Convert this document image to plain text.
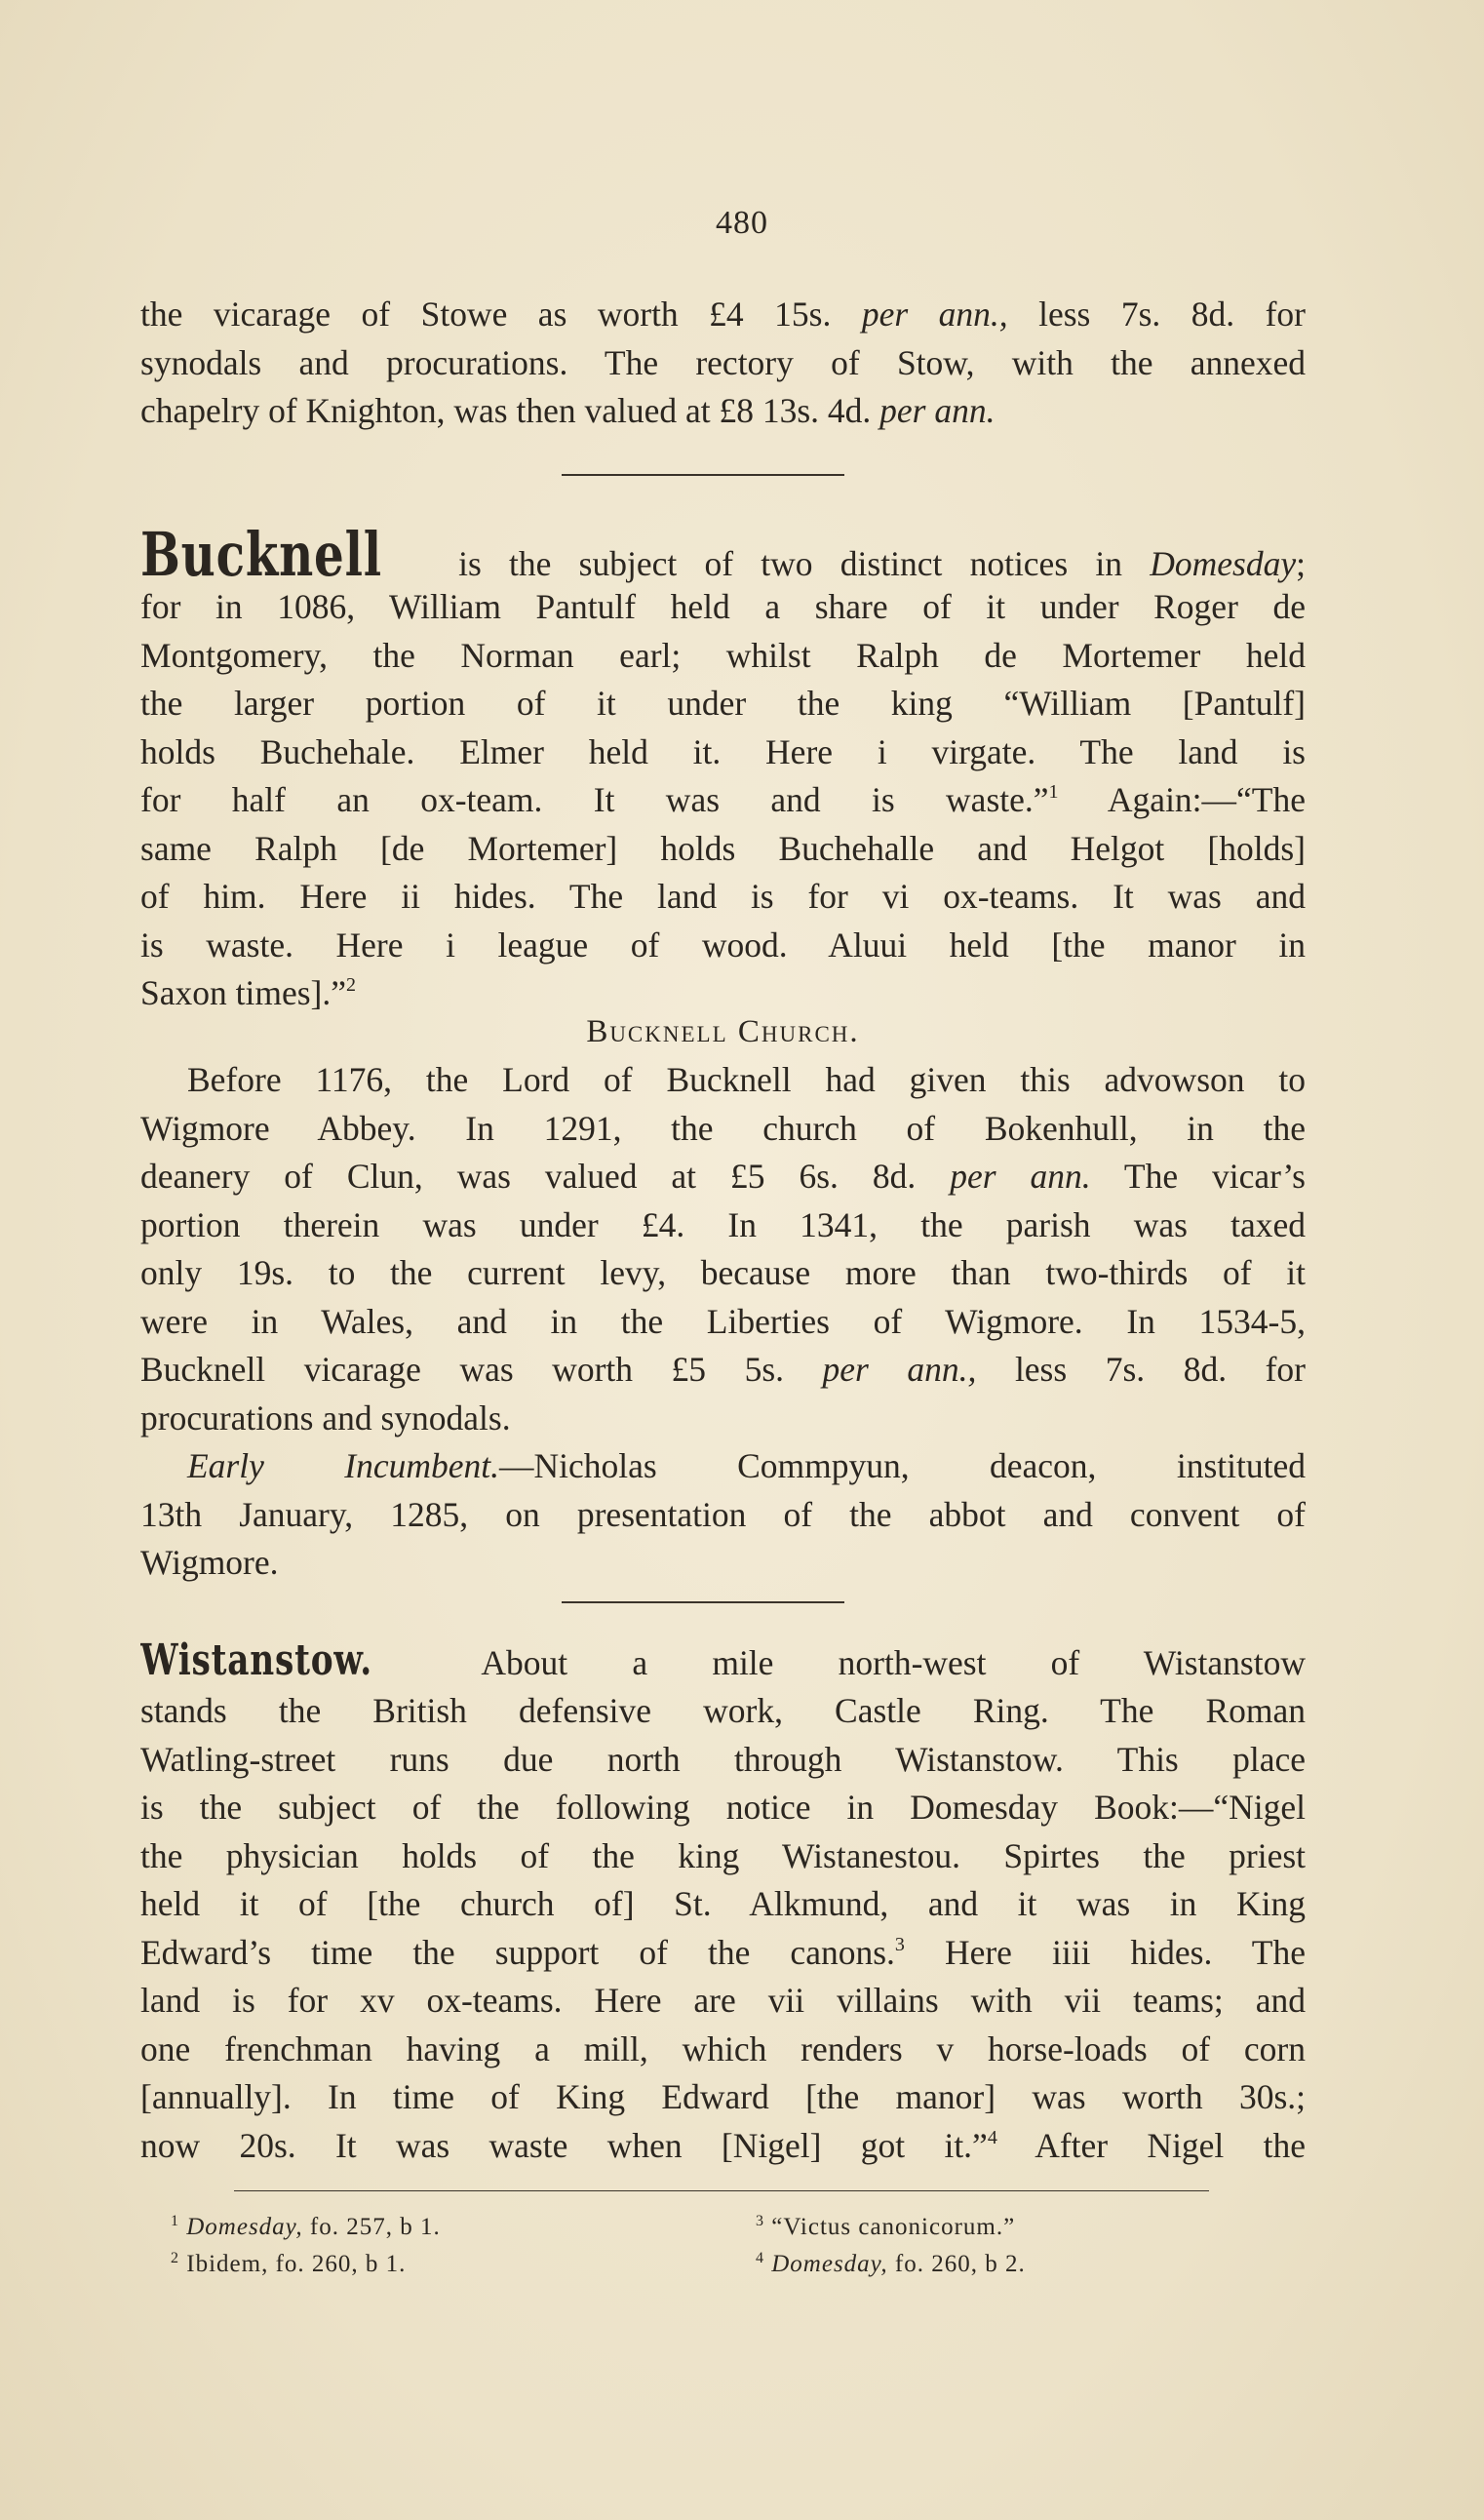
480
the vicarage of Stowe as worth £4 15s. per ann., less 7s. 8d. for
synodals and procurations. The rectory of Stow, with the annexed
chapelry of Knighton, was then valued at £8 13s. 4d. per ann.
Bucknell is the subject of two distinct notices in Domesday;
for in 1086, William Pantulf held a share of it under Roger de
Montgomery, the Norman earl; whilst Ralph de Mortemer held
the larger portion of it under the king “William [Pantulf]
holds Buchehale. Elmer held it. Here i virgate. The land is
for half an ox-team. It was and is waste.”$^1$ Again:—“The
same Ralph [de Mortemer] holds Buchehalle and Helgot [holds]
of him. Here ii hides. The land is for vi ox-teams. It was and
is waste. Here i league of wood. Aluui held [the manor in
Saxon times].”$^2$
Bucknell Church.
Before 1176, the Lord of Bucknell had given this advowson to
Wigmore Abbey. In 1291, the church of Bokenhull, in the
deanery of Clun, was valued at £5 6s. 8d. per ann. The vicar’s
portion therein was under £4. In 1341, the parish was taxed
only 19s. to the current levy, because more than two-thirds of it
were in Wales, and in the Liberties of Wigmore. In 1534-5,
Bucknell vicarage was worth £5 5s. per ann., less 7s. 8d. for
procurations and synodals.
Early Incumbent.—Nicholas Commpyun, deacon, instituted
13th January, 1285, on presentation of the abbot and convent of
Wigmore.
Wistanstow. About a mile north-west of Wistanstow
stands the British defensive work, Castle Ring. The Roman
Watling-street runs due north through Wistanstow. This place
is the subject of the following notice in Domesday Book:—“Nigel
the physician holds of the king Wistanestou. Spirtes the priest
held it of [the church of] St. Alkmund, and it was in King
Edward’s time the support of the canons.$^3$ Here iiii hides. The
land is for xv ox-teams. Here are vii villains with vii teams; and
one frenchman having a mill, which renders v horse-loads of corn
[annually]. In time of King Edward [the manor] was worth 30s.;
now 20s. It was waste when [Nigel] got it.”$^4$ After Nigel the
$^1$ Domesday, fo. 257, b 1.
$^2$ Ibidem, fo. 260, b 1.
$^3$ “Victus canonicorum.”
$^4$ Domesday, fo. 260, b 2.
